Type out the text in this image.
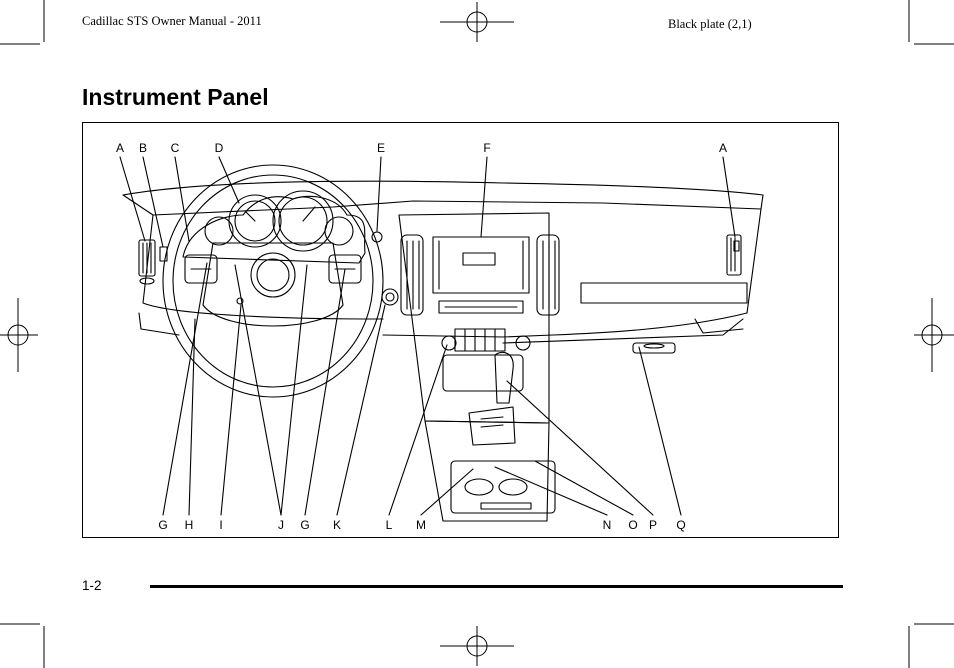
Cadillac STS Owner Manual - 2011	Black plate (2,1)
Instrument Panel
A B C	D	E	F	A
G H I	J G K	L M	N O P Q
1-2
